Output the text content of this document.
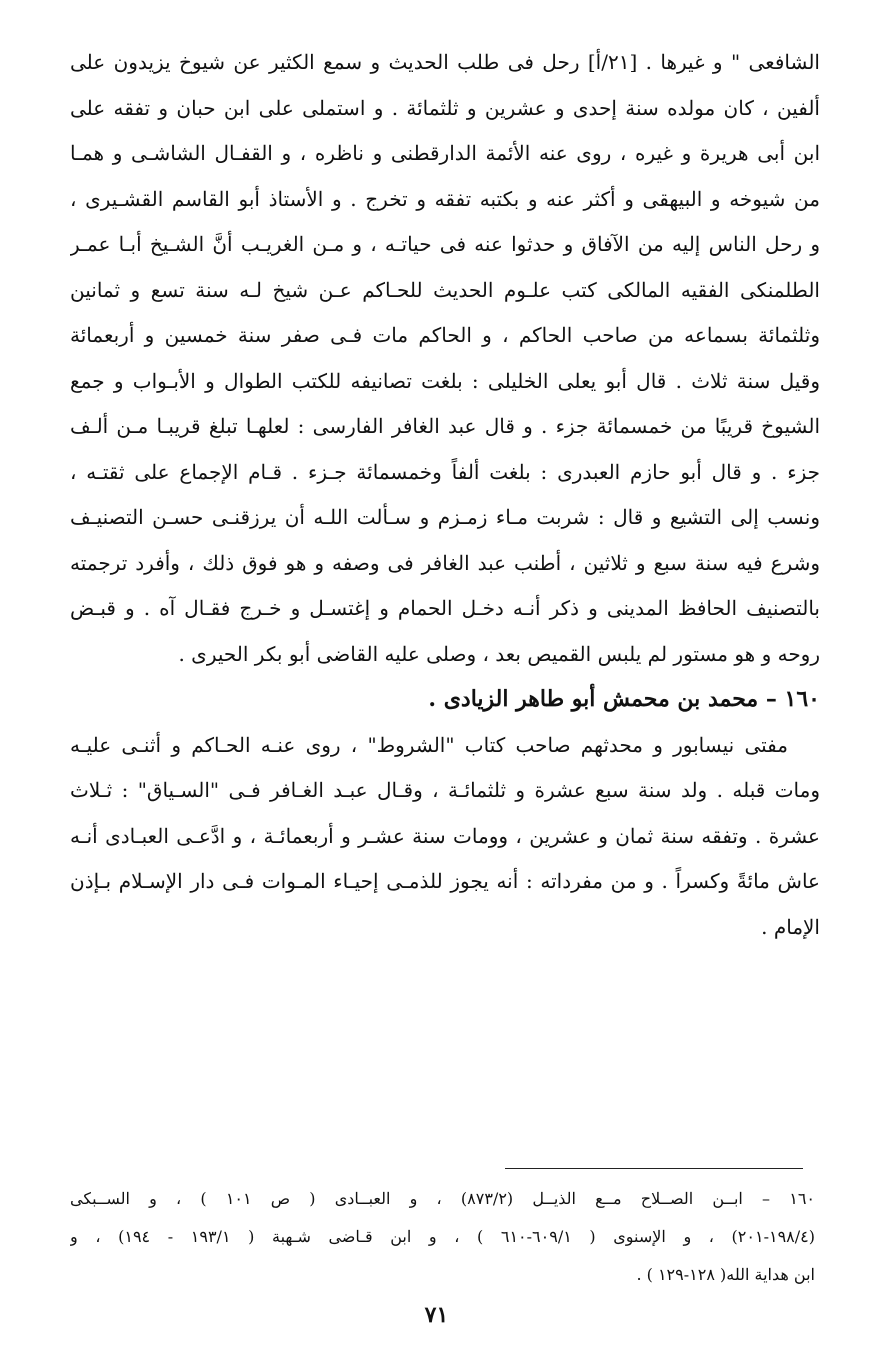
الشافعى " و غيرها . [٢١/أ] رحل فى طلب الحديث و سمع الكثير عن شيوخ يزيدون على
ألفين ، كان مولده سنة إحدى و عشرين و ثلثمائة . و استملى على ابن حبان و تفقه على
ابن أبى هريرة و غيره ، روى عنه الأئمة الدارقطنى و ناظره ، و القفـال الشاشـى و همـا
من شيوخه و البيهقى و أكثر عنه و بكتبه تفقه و تخرج . و الأستاذ أبو القاسم القشـيرى ،
و رحل الناس إليه من الآفاق و حدثوا عنه فى حياتـه ، و مـن الغريـب أنَّ الشـيخ أبـا عمـر
الطلمنكى الفقيه المالكى كتب علـوم الحديث للحـاكم عـن شيخ لـه سنة تسع و ثمانين
وثلثمائة بسماعه من صاحب الحاكم ، و الحاكم مات فـى صفر سنة خمسين و أربعمائة
وقيل سنة ثلاث . قال أبو يعلى الخليلى : بلغت تصانيفه للكتب الطوال و الأبـواب و جمع
الشيوخ قريبًا من خمسمائة جزء . و قال عبد الغافر الفارسى : لعلهـا تبلغ قريبـا مـن ألـف
جزء . و قال أبو حازم العبدرى : بلغت ألفاً وخمسمائة جـزء . قـام الإجماع على ثقتـه ،
ونسب إلى التشيع و قال : شربت مـاء زمـزم و سـألت اللـه أن يرزقنـى حسـن التصنيـف
وشرع فيه سنة سبع و ثلاثين ، أطنب عبد الغافر فى وصفه و هو فوق ذلك ، وأفرد ترجمته
بالتصنيف الحافظ المدينى و ذكر أنـه دخـل الحمام و إغتسـل و خـرج فقـال آه . و قبـض
روحه و هو مستور لم يلبس القميص بعد ، وصلى عليه القاضى أبو بكر الحيرى .
١٦٠ – محمد بن محمش أبو طاهر الزيادى .
مفتى نيسابور و محدثهم صاحب كتاب "الشروط" ، روى عنـه الحـاكم و أثنـى عليـه
ومات قبله . ولد سنة سبع عشرة و ثلثمائـة ، وقـال عبـد الغـافر فـى "السـياق" : ثـلاث
عشرة . وتفقه سنة ثمان و عشرين ، وومات سنة عشـر و أربعمائـة ، و ادَّعـى العبـادى أنـه
عاش مائةً وكسراً . و من مفرداته : أنه يجوز للذمـى إحيـاء المـوات فـى دار الإسـلام بـإذن
الإمام .
١٦٠ – ابــن الصــلاح مــع الذيــل (٨٧٣/٢) ، و العبــادى ( ص ١٠١ ) ، و الســبكى
(١٩٨/٤-٢٠١) ، و الإسنوى ( ٦٠٩/١-٦١٠ ) ، و ابن قـاضى شـهبة ( ١٩٣/١ - ١٩٤) ، و
ابن هداية الله( ١٢٨-١٢٩ ) .
٧١
